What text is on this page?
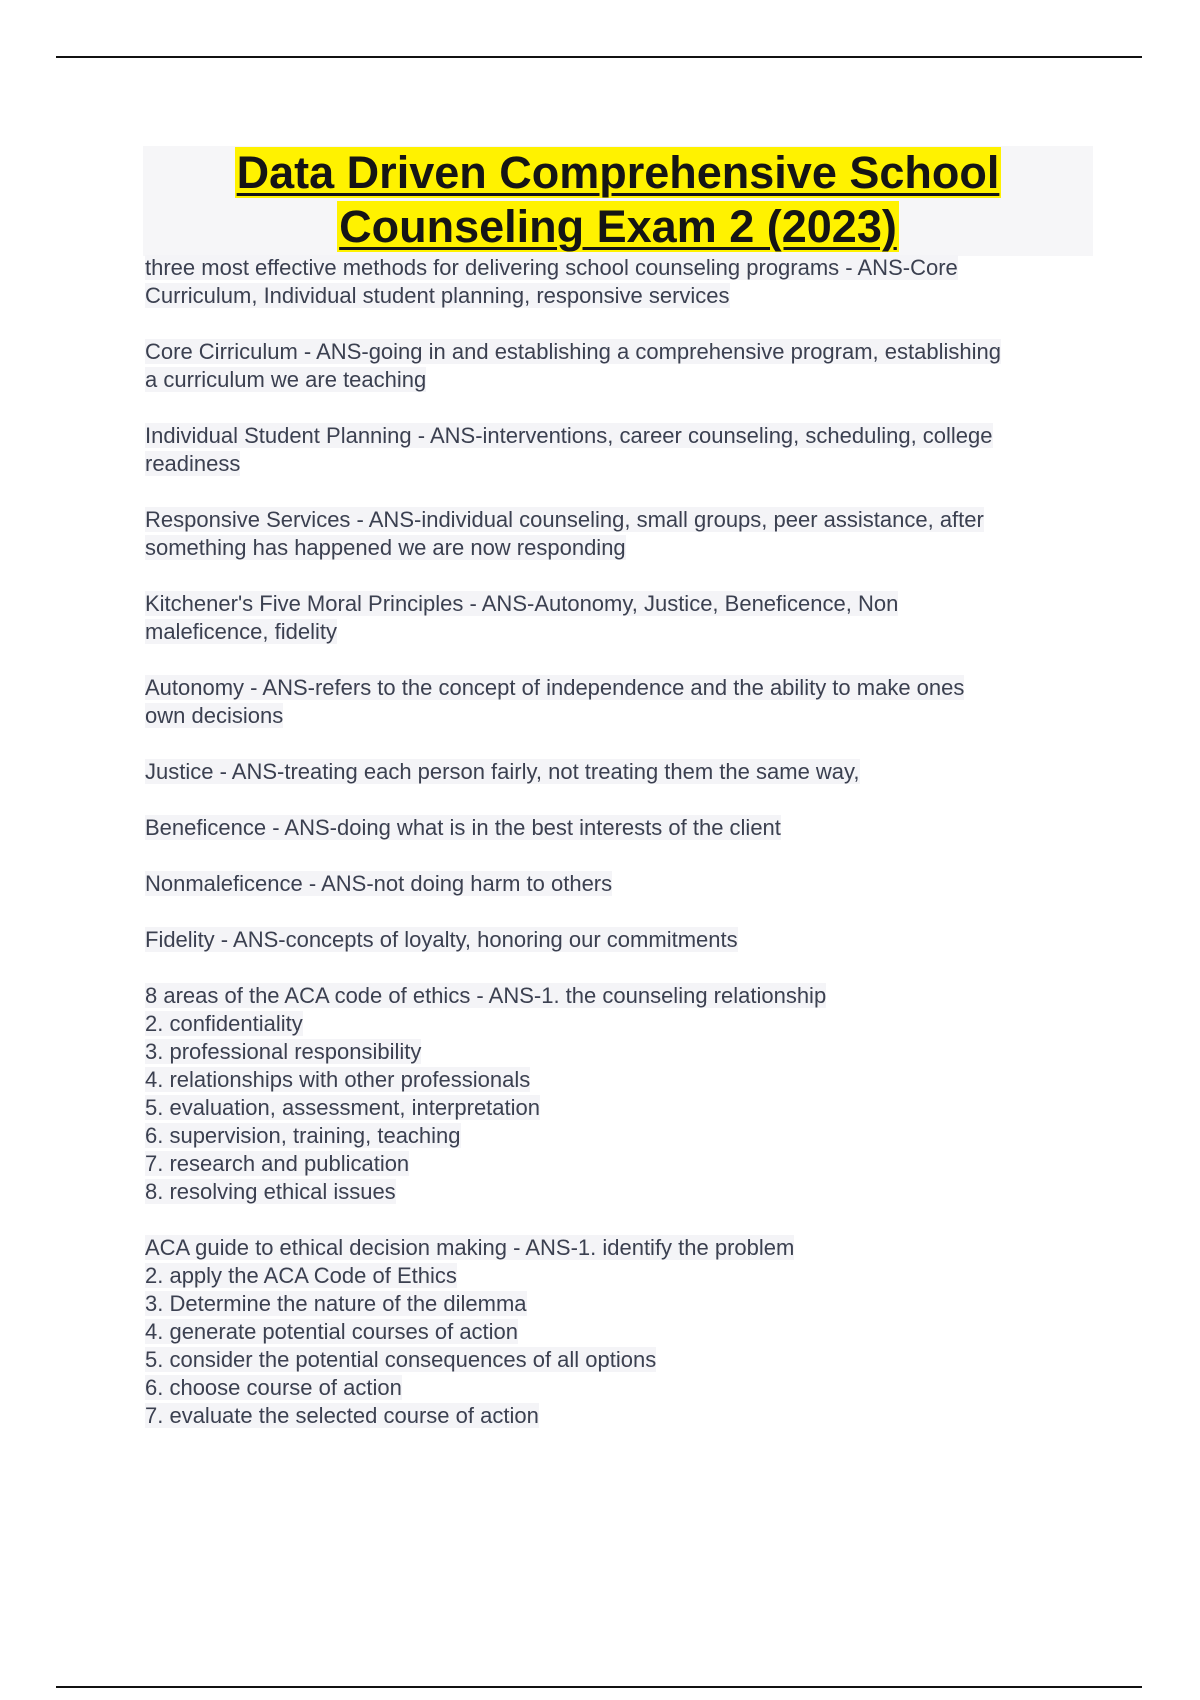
Data Driven Comprehensive School
Counseling Exam 2 (2023)
three most effective methods for delivering school counseling programs - ANS-Core
Curriculum, Individual student planning, responsive services
Core Cirriculum - ANS-going in and establishing a comprehensive program, establishing
a curriculum we are teaching
Individual Student Planning - ANS-interventions, career counseling, scheduling, college
readiness
Responsive Services - ANS-individual counseling, small groups, peer assistance, after
something has happened we are now responding
Kitchener's Five Moral Principles - ANS-Autonomy, Justice, Beneficence, Non
maleficence, fidelity
Autonomy - ANS-refers to the concept of independence and the ability to make ones
own decisions
Justice - ANS-treating each person fairly, not treating them the same way,
Beneficence - ANS-doing what is in the best interests of the client
Nonmaleficence - ANS-not doing harm to others
Fidelity - ANS-concepts of loyalty, honoring our commitments
8 areas of the ACA code of ethics - ANS-1. the counseling relationship
2. confidentiality
3. professional responsibility
4. relationships with other professionals
5. evaluation, assessment, interpretation
6. supervision, training, teaching
7. research and publication
8. resolving ethical issues
ACA guide to ethical decision making - ANS-1. identify the problem
2. apply the ACA Code of Ethics
3. Determine the nature of the dilemma
4. generate potential courses of action
5. consider the potential consequences of all options
6. choose course of action
7. evaluate the selected course of action
